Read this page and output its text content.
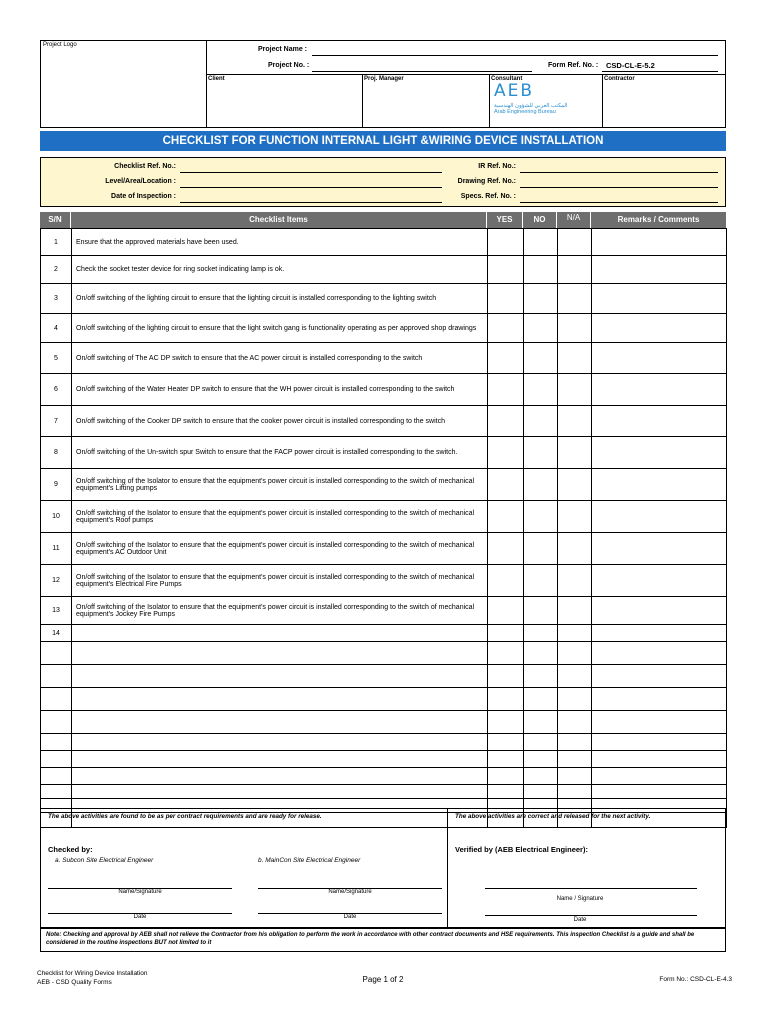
Project Logo
Project Name :
Project No. :	Form Ref. No. : CSD-CL-E-5.2
Client	Proj. Manager	Consultant
AEB
المكتب العربي للشؤون الهندسية
Arab Engineering Bureau
Contractor
CHECKLIST FOR FUNCTION INTERNAL LIGHT &WIRING DEVICE INSTALLATION
Checklist Ref. No.:
Level/Area/Location :
Date of Inspection :
IR Ref. No.:
Drawing Ref. No.:
Specs. Ref. No. :
S/N	Checklist Items	YES	NO	N/A	Remarks / Comments
1	Ensure that the approved materials have been used.				
2	Check the socket tester device for ring socket indicating lamp is ok.				
3	On/off switching of the lighting circuit to ensure that the lighting circuit is installed corresponding to the lighting switch				
4	On/off switching of the lighting circuit to ensure that the light switch gang is functionality operating as per approved shop drawings				
5	On/off switching of The AC DP switch to ensure that the AC power circuit is installed corresponding to the switch				
6	On/off switching of the Water Heater DP switch to ensure that the WH power circuit is installed corresponding to the switch				
7	On/off switching of the Cooker DP switch to ensure that the cooker power circuit is installed corresponding to the switch				
8	On/off switching of the Un-switch spur Switch to ensure that the FACP power circuit is installed corresponding to the switch.				
9	On/off switching of the Isolator to ensure that the equipment's power circuit is installed corresponding to the switch of mechanical equipment's Lifting pumps				
10	On/off switching of the Isolator to ensure that the equipment's power circuit is installed corresponding to the switch of mechanical equipment's Roof pumps				
11	On/off switching of the Isolator to ensure that the equipment's power circuit is installed corresponding to the switch of mechanical equipment's AC Outdoor Unit				
12	On/off switching of the Isolator to ensure that the equipment's power circuit is installed corresponding to the switch of mechanical equipment's Electrical Fire Pumps				
13	On/off switching of the Isolator to ensure that the equipment's power circuit is installed corresponding to the switch of mechanical equipment's Jockey Fire Pumps				
14					

The above activities are found to be as per contract requirements and are ready for release.	The above activities are correct and released for the next activity.
Checked by:
a. Subcon Site Electrical Engineer	b. MainCon Site Electrical Engineer
Verified by (AEB Electrical Engineer):
Name/Signature
Date
Name/Signature
Date
Name / Signature
Date
Note: Checking and approval by AEB shall not relieve the Contractor from his obligation to perform the work in accordance with other contract documents and HSE requirements. This inspection Checklist is a guide and shall be considered in the routine inspections BUT not limited to it
Checklist for Wiring Device Installation
AEB - CSD Quality Forms	Page 1 of 2	Form No.: CSD-CL-E-4.3
